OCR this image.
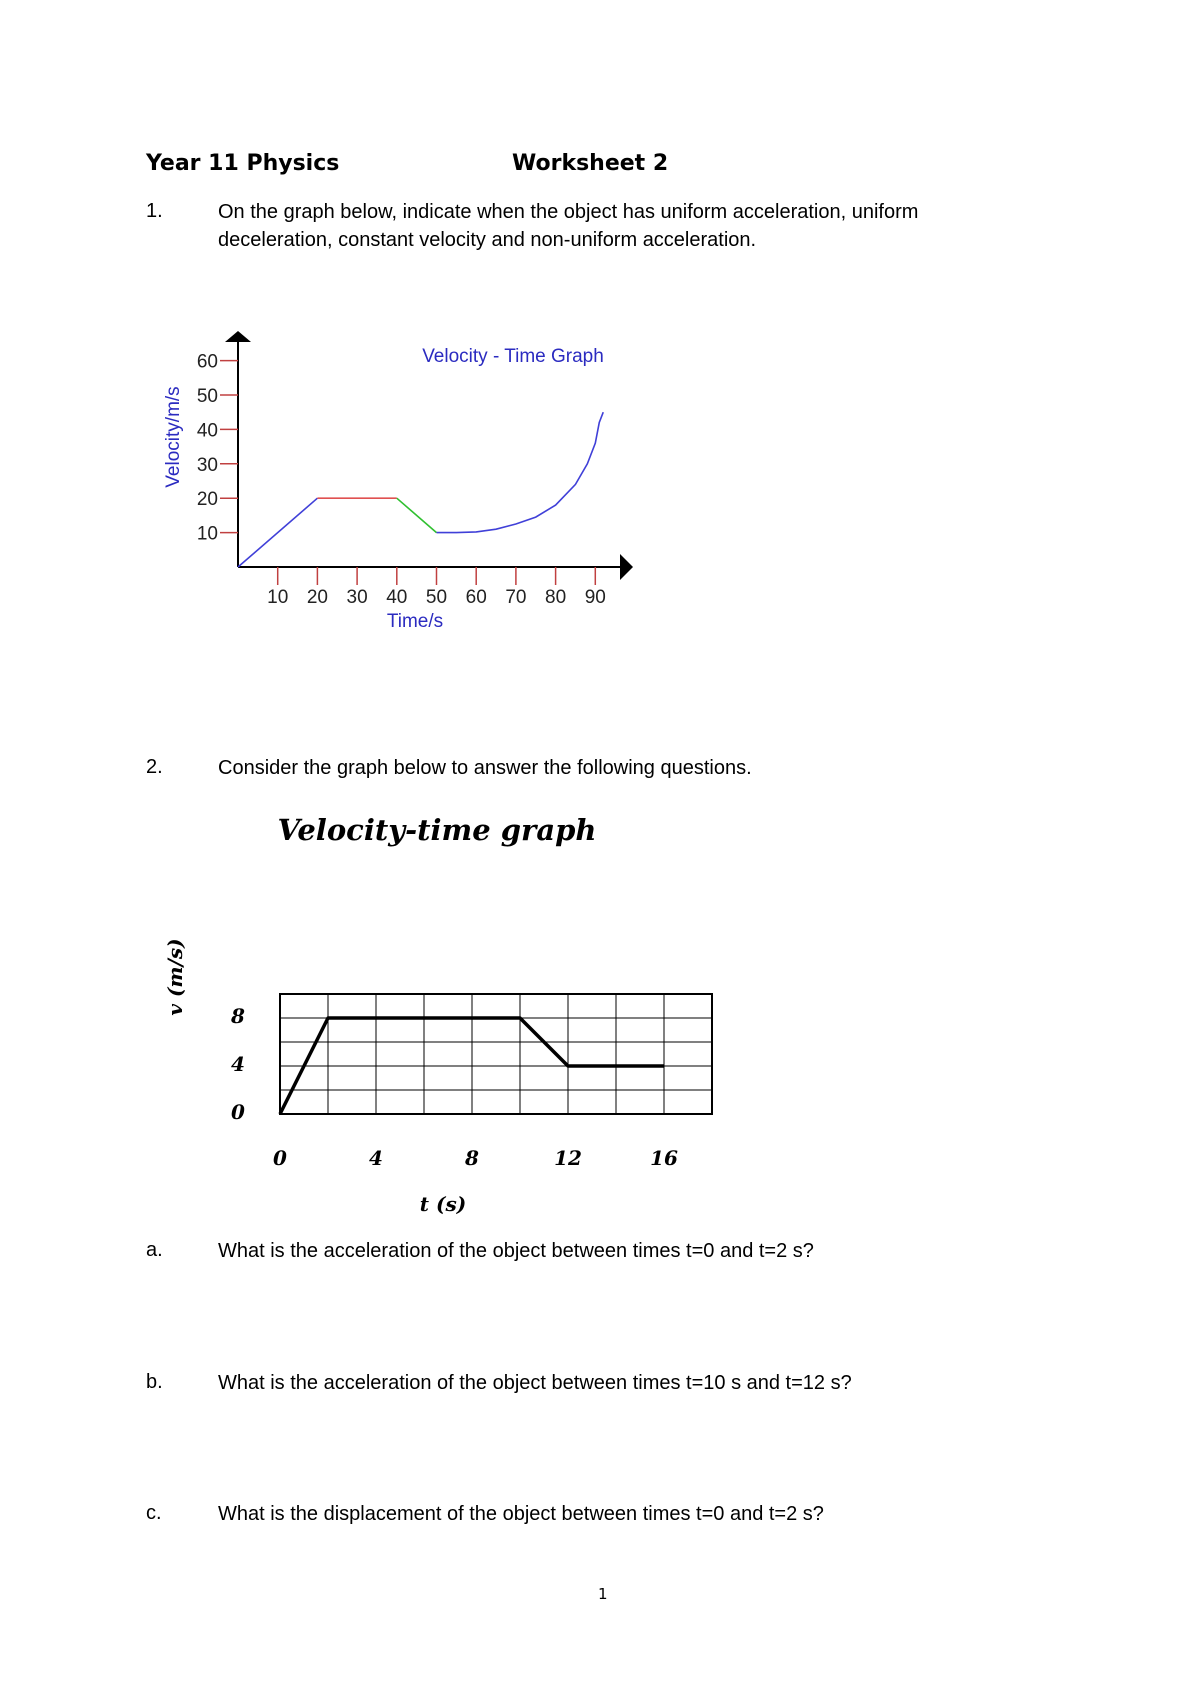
Year 11 Physics	Worksheet 2
1.	On the graph below, indicate when the object has uniform acceleration, uniform
deceleration, constant velocity and non-uniform acceleration.
Velocity - Time Graph
10
20
30
40
50
60
10 20 30 40 50 60 70 80 90
Time/s
Velocity/m/s
Velocity-time graph
0	4	8	12	16
0
4
8
t (s)
v (m/s)
2.	Consider the graph below to answer the following questions.
a.	What is the acceleration of the object between times t=0 and t=2 s?
b.	What is the acceleration of the object between times t=10 s and t=12 s?
c.	What is the displacement of the object between times t=0 and t=2 s?
1
